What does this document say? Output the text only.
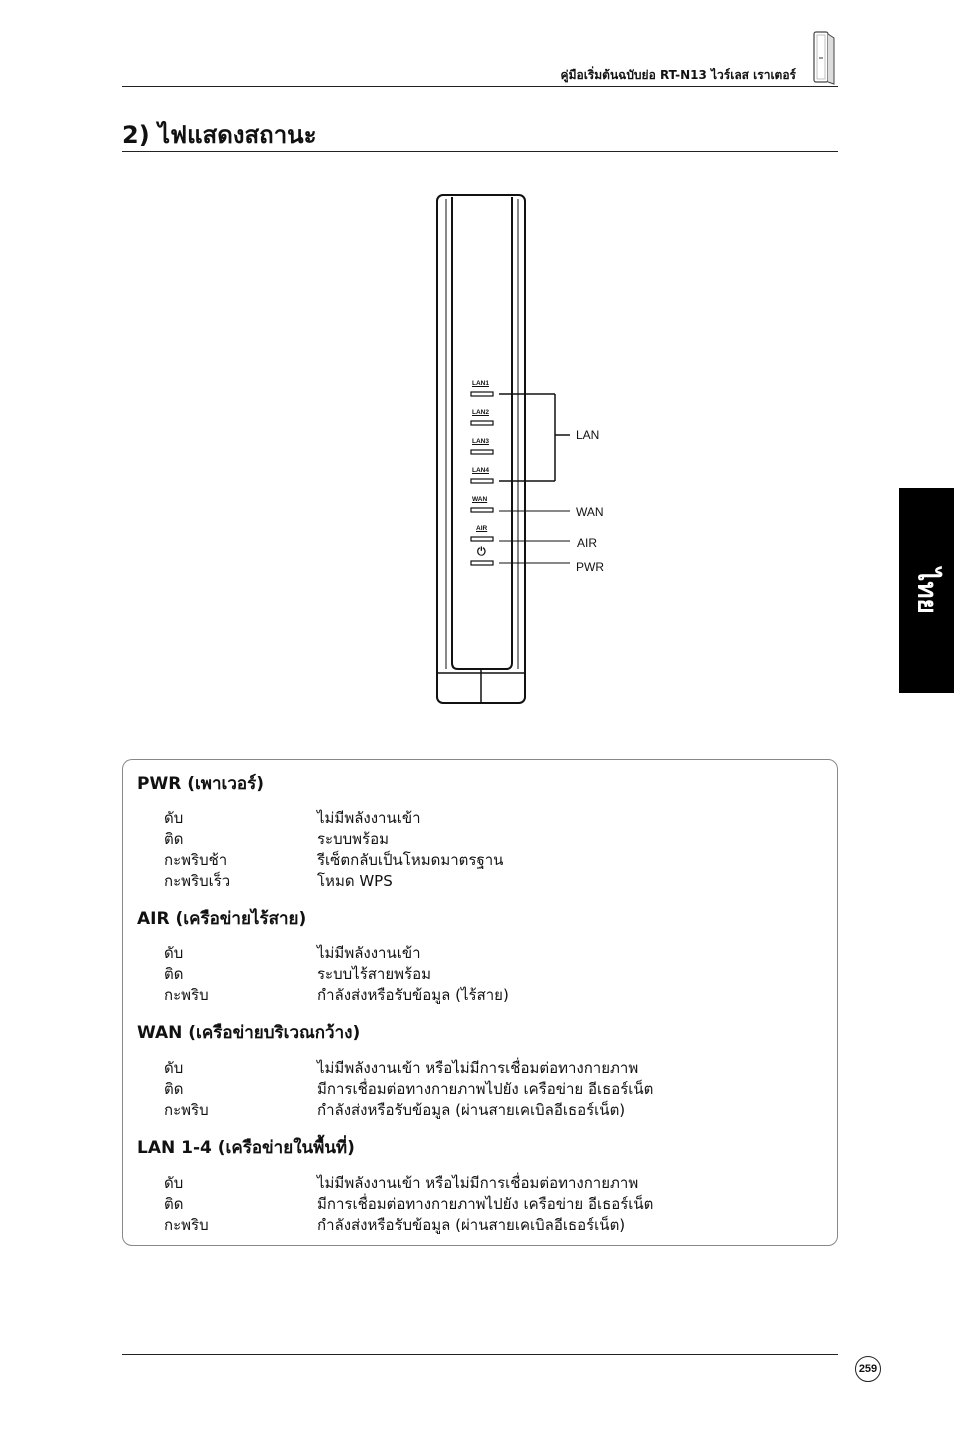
คู่มือเริ่มต้นฉบับย่อ RT-N13 ไวร์เลส เราเตอร์
2) ไฟแสดงสถานะ
ไทย
LAN1
LAN2
LAN3
LAN4
WAN
AIR
⏻
LAN
WAN
AIR
PWR
PWR (เพาเวอร์)
ดับ	ไม่มีพลังงานเข้า
ติด	ระบบพร้อม
กะพริบช้า	รีเซ็ตกลับเป็นโหมดมาตรฐาน
กะพริบเร็ว	โหมด WPS
AIR (เครือข่ายไร้สาย)
ดับ	ไม่มีพลังงานเข้า
ติด	ระบบไร้สายพร้อม
กะพริบ	กำลังส่งหรือรับข้อมูล (ไร้สาย)
WAN (เครือข่ายบริเวณกว้าง)
ดับ	ไม่มีพลังงานเข้า หรือไม่มีการเชื่อมต่อทางกายภาพ
ติด	มีการเชื่อมต่อทางกายภาพไปยัง เครือข่าย อีเธอร์เน็ต
กะพริบ	กำลังส่งหรือรับข้อมูล (ผ่านสายเคเบิลอีเธอร์เน็ต)
LAN 1-4 (เครือข่ายในพื้นที่)
ดับ	ไม่มีพลังงานเข้า หรือไม่มีการเชื่อมต่อทางกายภาพ
ติด	มีการเชื่อมต่อทางกายภาพไปยัง เครือข่าย อีเธอร์เน็ต
กะพริบ	กำลังส่งหรือรับข้อมูล (ผ่านสายเคเบิลอีเธอร์เน็ต)
259
